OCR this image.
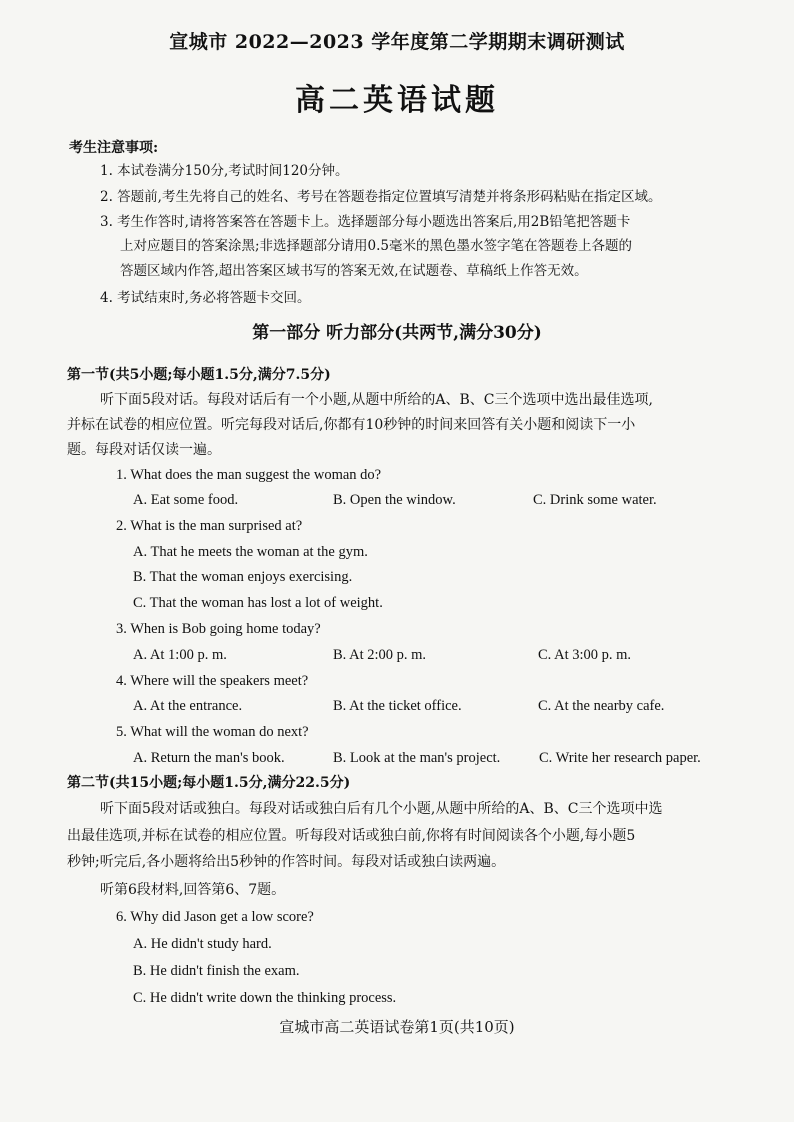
宣城市 2022—2023 学年度第二学期期末调研测试
高二英语试题
考生注意事项:
1. 本试卷满分150分,考试时间120分钟。
2. 答题前,考生先将自己的姓名、考号在答题卷指定位置填写清楚并将条形码粘贴在指定区域。
3. 考生作答时,请将答案答在答题卡上。选择题部分每小题选出答案后,用2B铅笔把答题卡
上对应题目的答案涂黑;非选择题部分请用0.5毫米的黑色墨水签字笔在答题卷上各题的
答题区域内作答,超出答案区域书写的答案无效,在试题卷、草稿纸上作答无效。
4. 考试结束时,务必将答题卡交回。
第一部分 听力部分(共两节,满分30分)
第一节(共5小题;每小题1.5分,满分7.5分)
听下面5段对话。每段对话后有一个小题,从题中所给的A、B、C三个选项中选出最佳选项,
并标在试卷的相应位置。听完每段对话后,你都有10秒钟的时间来回答有关小题和阅读下一小
题。每段对话仅读一遍。
1. What does the man suggest the woman do?
A. Eat some food.	B. Open the window.	C. Drink some water.
2. What is the man surprised at?
A. That he meets the woman at the gym.
B. That the woman enjoys exercising.
C. That the woman has lost a lot of weight.
3. When is Bob going home today?
A. At 1:00 p. m.	B. At 2:00 p. m.	C. At 3:00 p. m.
4. Where will the speakers meet?
A. At the entrance.	B. At the ticket office.	C. At the nearby cafe.
5. What will the woman do next?
A. Return the man's book.	B. Look at the man's project.	C. Write her research paper.
第二节(共15小题;每小题1.5分,满分22.5分)
听下面5段对话或独白。每段对话或独白后有几个小题,从题中所给的A、B、C三个选项中选
出最佳选项,并标在试卷的相应位置。听每段对话或独白前,你将有时间阅读各个小题,每小题5
秒钟;听完后,各小题将给出5秒钟的作答时间。每段对话或独白读两遍。
听第6段材料,回答第6、7题。
6. Why did Jason get a low score?
A. He didn't study hard.
B. He didn't finish the exam.
C. He didn't write down the thinking process.
宣城市高二英语试卷第1页(共10页)
